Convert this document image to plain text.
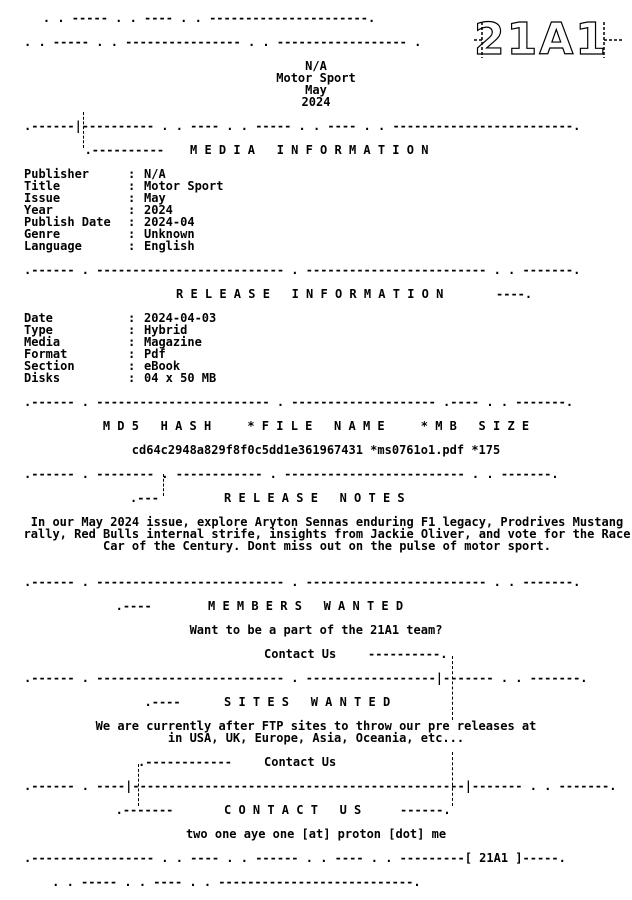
. . ----- . . ---- . . ----------------------.
. . ----- . . ---------------- . . ------------------ . 21A1
N/A
Motor Sport
May
2024
.------|---------- . . ---- . . ----- . . ---- . . -------------------------.
.---------- M E D I A   I N F O R M A T I O N
Publisher	: N/A
Title	: Motor Sport
Issue	: May
Year	: 2024
Publish Date : 2024-04
Genre	: Unknown
Language	: English
.------ . -------------------------- . ------------------------- . . -------.
R E L E A S E   I N F O R M A T I O N	----.
Date	: 2024-04-03
Type	: Hybrid
Media	: Magazine
Format	: Pdf
Section	: eBook
Disks	: 04 x 50 MB
.------ . ------------------------ . -------------------- .---- . . -------.
M D 5   H A S H     * F I L E   N A M E     * M B   S I Z E
cd64c2948a829f8f0c5dd1e361967431 *ms0761o1.pdf *175
.------ . -------- . ------------ . ------------------------- . . -------.
.---	R E L E A S E   N O T E S
In our May 2024 issue, explore Aryton Sennas enduring F1 legacy, Prodrives Mustang rally, Red Bulls internal strife, insights from Jackie Oliver, and vote for the Race Car of the Century. Dont miss out on the pulse of motor sport.
.------ . -------------------------- . ------------------------- . . -------.
.----	M E M B E R S   W A N T E D
Want to be a part of the 21A1 team?
Contact Us	----------.
.------ . -------------------------- . ------------------|------- . . -------.
.----	S I T E S   W A N T E D
We are currently after FTP sites to throw our pre releases at
in USA, UK, Europe, Asia, Oceania, etc...
.------------	Contact Us
.------ . ----|----------------------------------------------|------- . . -------.
.-------	C O N T A C T   U S	------.
two one aye one [at] proton [dot] me
.----------------- . . ---- . . ------ . . ---- . . ---------[ 21A1 ]-----.
. . ----- . . ---- . . ---------------------------.
